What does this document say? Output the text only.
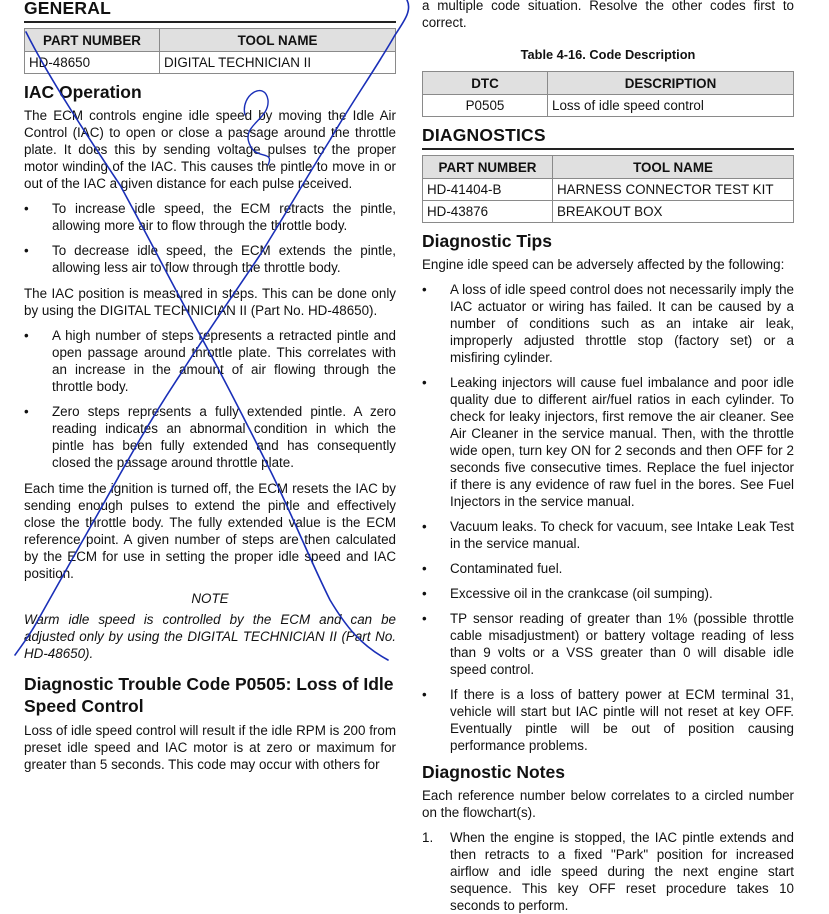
GENERAL
PART NUMBER	TOOL NAME
HD-48650	DIGITAL TECHNICIAN II
IAC Operation

The ECM controls engine idle speed by moving the Idle Air Control (IAC) to open or close a passage around the throttle plate. It does this by sending voltage pulses to the proper motor winding of the IAC. This causes the pintle to move in or out of the IAC a given distance for each pulse received.

• To increase idle speed, the ECM retracts the pintle, allowing more air to flow through the throttle body.
• To decrease idle speed, the ECM extends the pintle, allowing less air to flow through the throttle body.

The IAC position is measured in steps. This can be done only by using the DIGITAL TECHNICIAN II (Part No. HD-48650).

• A high number of steps represents a retracted pintle and open passage around throttle plate. This correlates with an increase in the amount of air flowing through the throttle body.
• Zero steps represents a fully extended pintle. A zero reading indicates an abnormal condition in which the pintle has been fully extended and has consequently closed the passage around throttle plate.

Each time the ignition is turned off, the ECM resets the IAC by sending enough pulses to extend the pintle and effectively close the throttle body. The fully extended value is the ECM reference point. A given number of steps are then calculated by the ECM for use in setting the proper idle speed and IAC position.

NOTE
Warm idle speed is controlled by the ECM and can be adjusted only by using the DIGITAL TECHNICIAN II (Part No. HD-48650).
Diagnostic Trouble Code P0505: Loss of Idle Speed Control

Loss of idle speed control will result if the idle RPM is 200 from preset idle speed and IAC motor is at zero or maximum for greater than 5 seconds. This code may occur with others for

a multiple code situation. Resolve the other codes first to correct.

Table 4-16. Code Description
DTC	DESCRIPTION
P0505	Loss of idle speed control
DIAGNOSTICS
PART NUMBER	TOOL NAME
HD-41404-B	HARNESS CONNECTOR TEST KIT
HD-43876	BREAKOUT BOX
Diagnostic Tips

Engine idle speed can be adversely affected by the following:

• A loss of idle speed control does not necessarily imply the IAC actuator or wiring has failed. It can be caused by a number of conditions such as an intake air leak, improperly adjusted throttle stop (factory set) or a misfiring cylinder.
• Leaking injectors will cause fuel imbalance and poor idle quality due to different air/fuel ratios in each cylinder. To check for leaky injectors, first remove the air cleaner. See Air Cleaner in the service manual. Then, with the throttle wide open, turn key ON for 2 seconds and then OFF for 2 seconds five consecutive times. Replace the fuel injector if there is any evidence of raw fuel in the bores. See Fuel Injectors in the service manual.
• Vacuum leaks. To check for vacuum, see Intake Leak Test in the service manual.
• Contaminated fuel.
• Excessive oil in the crankcase (oil sumping).
• TP sensor reading of greater than 1% (possible throttle cable misadjustment) or battery voltage reading of less than 9 volts or a VSS greater than 0 will disable idle speed control.
• If there is a loss of battery power at ECM terminal 31, vehicle will start but IAC pintle will not reset at key OFF. Eventually pintle will be out of position causing performance problems.
Diagnostic Notes

Each reference number below correlates to a circled number on the flowchart(s).

1. When the engine is stopped, the IAC pintle extends and then retracts to a fixed "Park" position for increased airflow and idle speed during the next engine start sequence. This key OFF reset procedure takes 10 seconds to perform.
